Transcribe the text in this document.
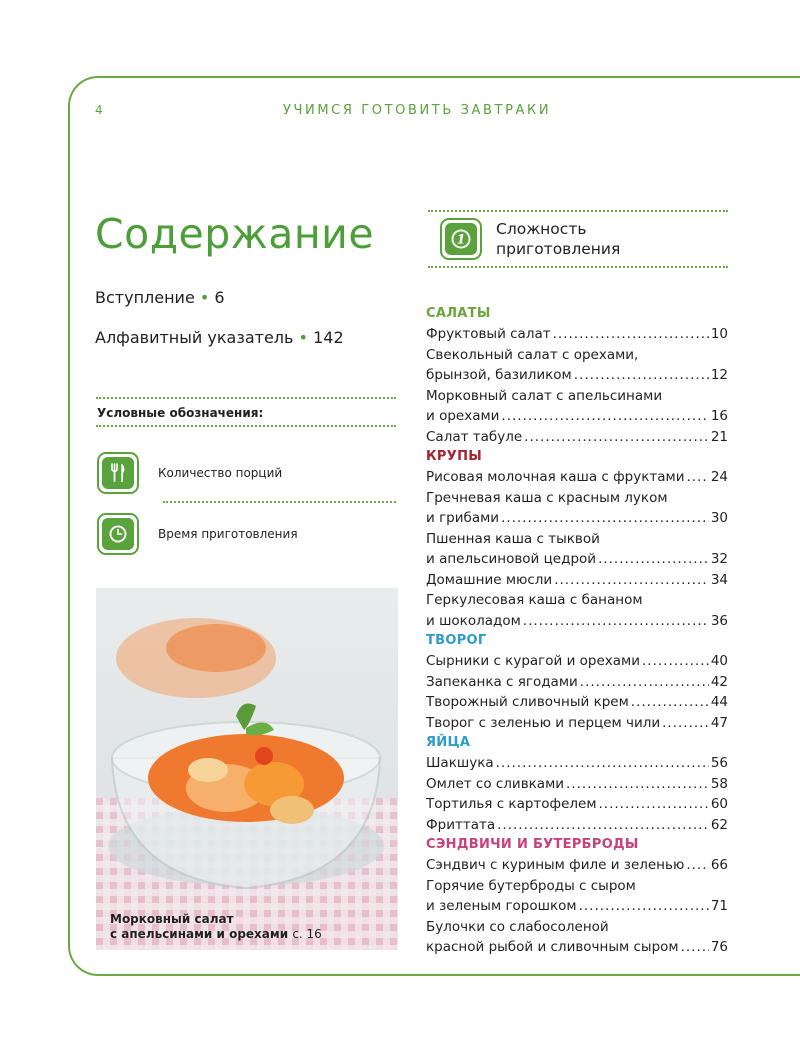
4	УЧИМСЯ ГОТОВИТЬ ЗАВТРАКИ
Содержание
Вступление • 6
Алфавитный указатель • 142
Условные обозначения:
Количество порций
Время приготовления
Морковный салат
с апельсинами и орехами с. 16
1
Сложность
приготовления
САЛАТЫ
Фруктовый салат .....	10
Свекольный салат с орехами,
брынзой, базиликом .....	12
Морковный салат с апельсинами
и орехами .....	16
Салат табуле .....	21
КРУПЫ
Рисовая молочная каша с фруктами ..... 24
Гречневая каша с красным луком
и грибами .....	30
Пшенная каша с тыквой
и апельсиновой цедрой .....	32
Домашние мюсли .....	34
Геркулесовая каша с бананом
и шоколадом .....	36
ТВОРОГ
Сырники с курагой и орехами .....	40
Запеканка с ягодами .....	42
Творожный сливочный крем .....	44
Творог с зеленью и перцем чили .....	47
ЯЙЦА
Шакшука .....	56
Омлет со сливками .....	58
Тортилья с картофелем .....	60
Фриттата .....	62
СЭНДВИЧИ И БУТЕРБРОДЫ
Сэндвич с куриным филе и зеленью ..... 66
Горячие бутерброды с сыром
и зеленым горошком .....	71
Булочки со слабосоленой
красной рыбой и сливочным сыром ..... 76
